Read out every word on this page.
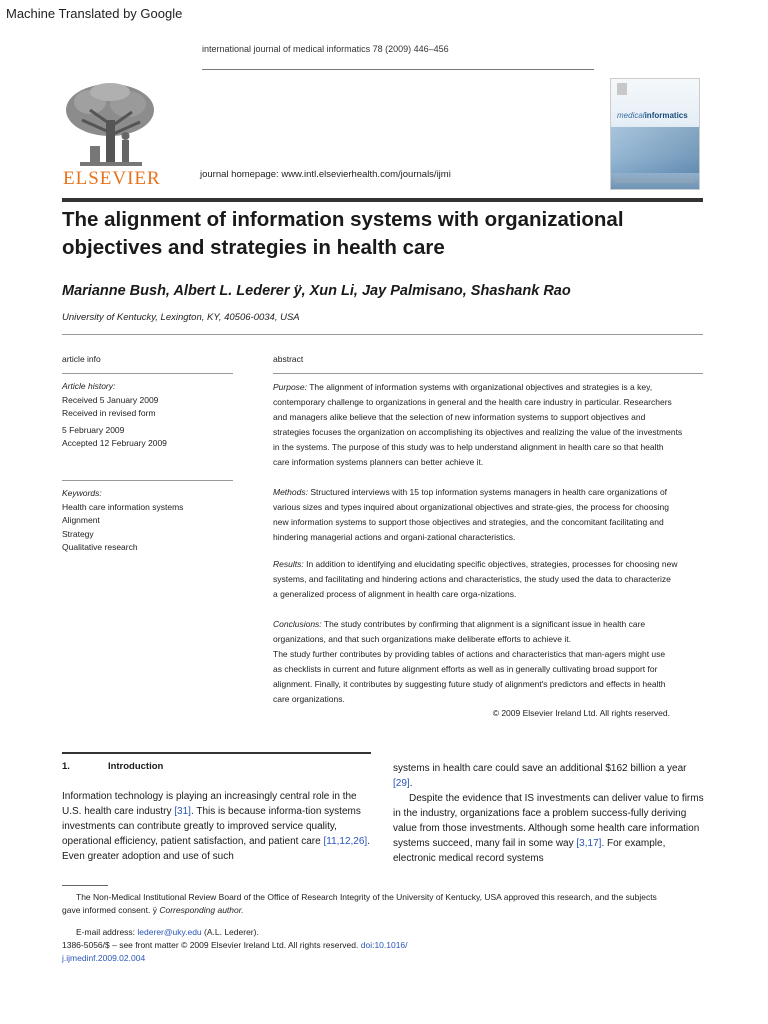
Machine Translated by Google
international journal of medical informatics 78 (2009) 446–456
ELSEVIER	journal homepage: www.intl.elsevierhealth.com/journals/ijmi
medicalinformatics
The alignment of information systems with organizational
objectives and strategies in health care
Marianne Bush, Albert L. Lederer ÿ, Xun Li, Jay Palmisano, Shashank Rao
University of Kentucky, Lexington, KY, 40506-0034, USA
article info
Article history:
Received 5 January 2009
Received in revised form
5 February 2009
Accepted 12 February 2009
Keywords:
Health care information systems
Alignment
Strategy
Qualitative research
abstract
Purpose: The alignment of information systems with organizational objectives and strategies is a key,
contemporary challenge to organizations in general and the health care industry in particular. Researchers
and managers alike believe that the selection of new information systems to support objectives and
strategies focuses the organization on accomplishing its objectives and realizing the value of the investments
in the systems. The purpose of this study was to help understand alignment in health care so that health
care information systems planners can better achieve it.
Methods: Structured interviews with 15 top information systems managers in health care organizations of
various sizes and types inquired about organizational objectives and strate-gies, the process for choosing
new information systems to support those objectives and strategies, and the concomitant facilitating and
hindering managerial actions and organi-zational characteristics.
Results: In addition to identifying and elucidating specific objectives, strategies, processes for choosing new
systems, and facilitating and hindering actions and characteristics, the study used the data to characterize
a generalized process of alignment in health care orga-nizations.
Conclusions: The study contributes by confirming that alignment is a significant issue in health care
organizations, and that such organizations make deliberate efforts to achieve it.
The study further contributes by providing tables of actions and characteristics that man-agers might use
as checklists in current and future alignment efforts as well as in generally cultivating broad support for
alignment. Finally, it contributes by suggesting future study of alignment's predictors and effects in health
care organizations.
© 2009 Elsevier Ireland Ltd. All rights reserved.
1.	Introduction
Information technology is playing an increasingly central role in the
U.S. health care industry [31]. This is because informa-tion systems
investments can contribute greatly to improved service quality,
operational efficiency, patient satisfaction, and patient care [11,12,26].
Even greater adoption and use of such
systems in health care could save an additional $162 billion a year
[29].
Despite the evidence that IS investments can deliver value to firms
in the industry, organizations face a problem success-fully deriving
value from those investments. Although some health care information
systems succeed, many fail in some way [3,17]. For example,
electronic medical record systems
The Non-Medical Institutional Review Board of the Office of Research Integrity of the University of Kentucky, USA approved this research, and the subjects
gave informed consent. ÿ Corresponding author.
E-mail address: lederer@uky.edu (A.L. Lederer).
1386-5056/$ – see front matter © 2009 Elsevier Ireland Ltd. All rights reserved. doi:10.1016/
j.ijmedinf.2009.02.004
